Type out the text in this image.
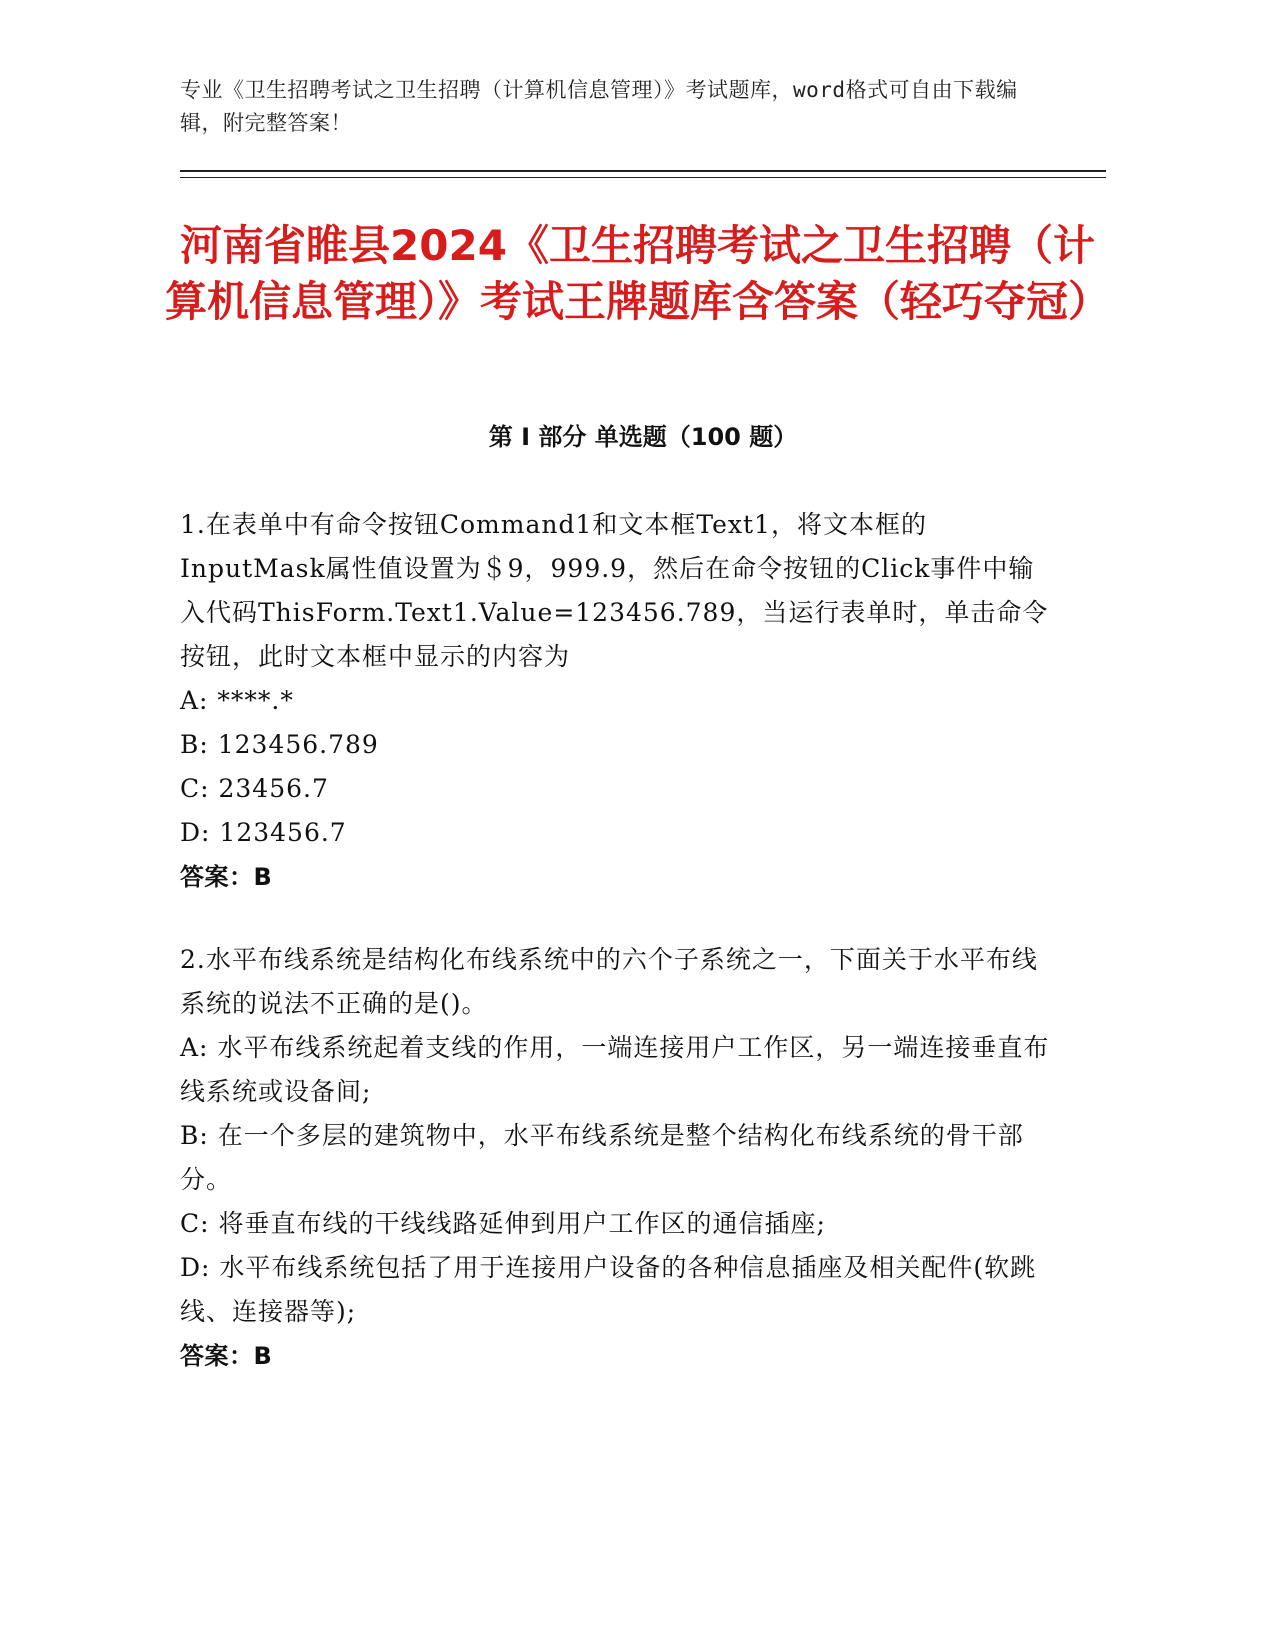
专业《卫生招聘考试之卫生招聘（计算机信息管理）》考试题库，word格式可自由下载编辑，附完整答案！
河南省睢县2024《卫生招聘考试之卫生招聘（计算机信息管理）》考试王牌题库含答案（轻巧夺冠）
第 I 部分 单选题（100 题）
1.在表单中有命令按钮Command1和文本框Text1，将文本框的InputMask属性值设置为＄9，999.9，然后在命令按钮的Click事件中输入代码ThisForm.Text1.Value=123456.789，当运行表单时，单击命令按钮，此时文本框中显示的内容为
A: ****.*
B: 123456.789
C: 23456.7
D: 123456.7
答案：B
2.水平布线系统是结构化布线系统中的六个子系统之一，下面关于水平布线系统的说法不正确的是()。
A: 水平布线系统起着支线的作用，一端连接用户工作区，另一端连接垂直布线系统或设备间;
B: 在一个多层的建筑物中，水平布线系统是整个结构化布线系统的骨干部分。
C: 将垂直布线的干线线路延伸到用户工作区的通信插座;
D: 水平布线系统包括了用于连接用户设备的各种信息插座及相关配件(软跳线、连接器等);
答案：B
